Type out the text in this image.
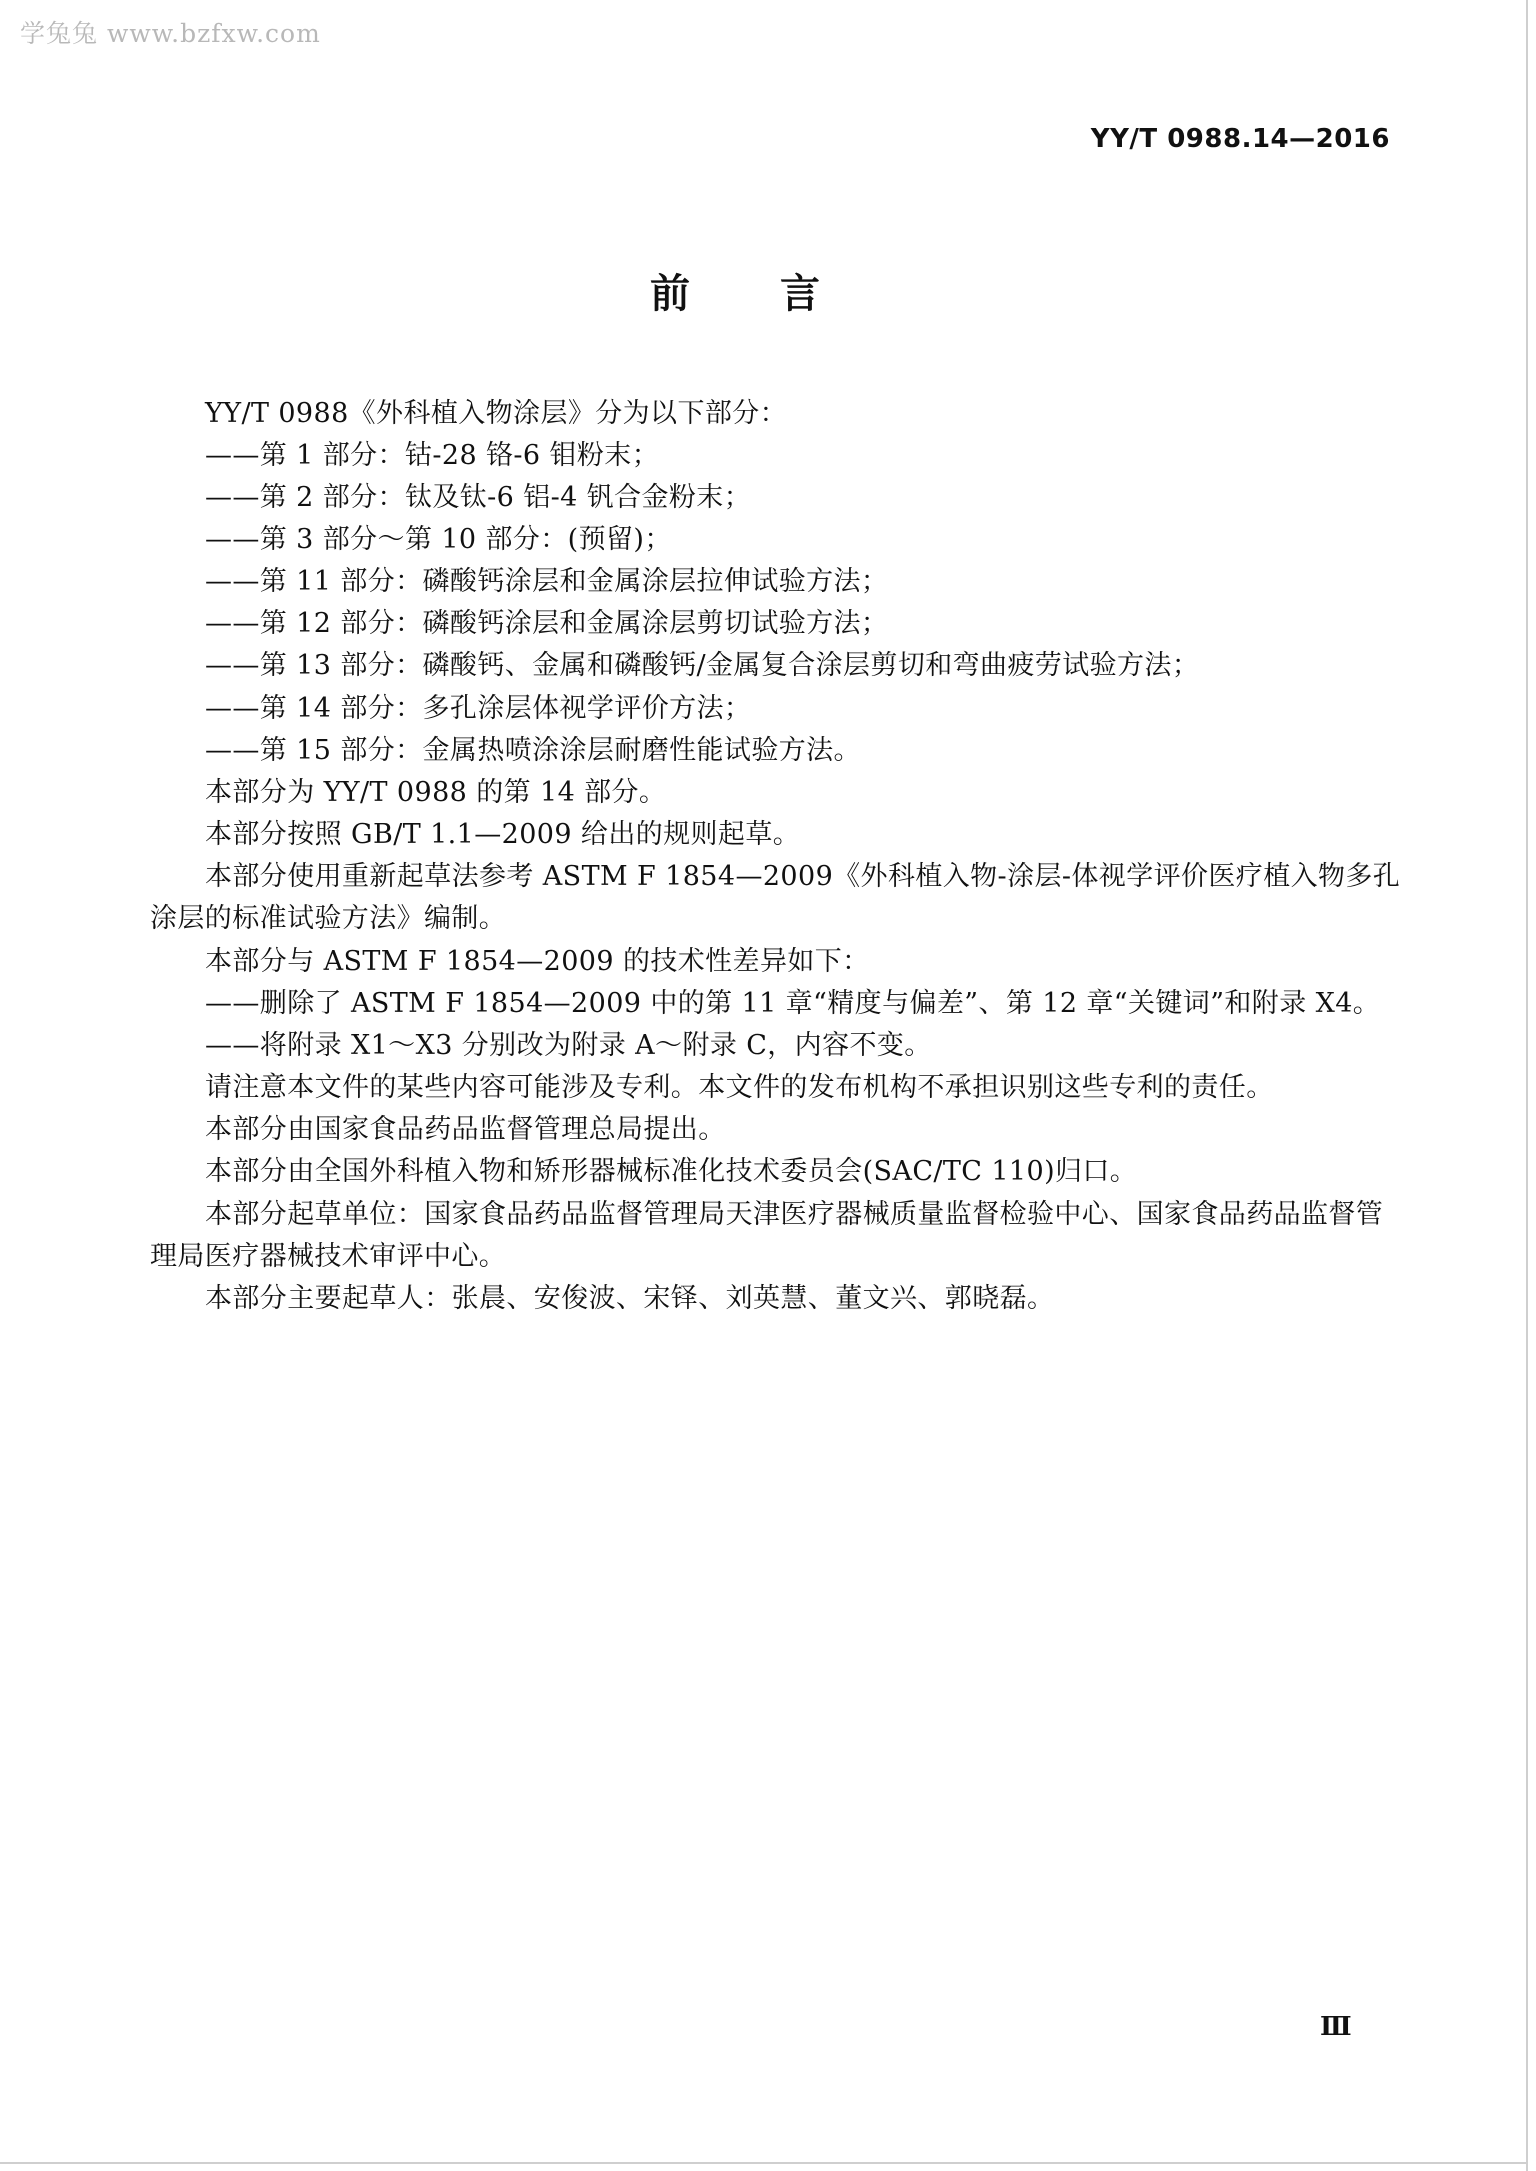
学兔兔 www.bzfxw.com
YY/T 0988.14—2016
前言
YY/T 0988《外科植入物涂层》分为以下部分：
——第 1 部分：钴-28 铬-6 钼粉末；
——第 2 部分：钛及钛-6 铝-4 钒合金粉末；
——第 3 部分～第 10 部分：(预留)；
——第 11 部分：磷酸钙涂层和金属涂层拉伸试验方法；
——第 12 部分：磷酸钙涂层和金属涂层剪切试验方法；
——第 13 部分：磷酸钙、金属和磷酸钙/金属复合涂层剪切和弯曲疲劳试验方法；
——第 14 部分：多孔涂层体视学评价方法；
——第 15 部分：金属热喷涂涂层耐磨性能试验方法。
本部分为 YY/T 0988 的第 14 部分。
本部分按照 GB/T 1.1—2009 给出的规则起草。
本部分使用重新起草法参考 ASTM F 1854—2009《外科植入物-涂层-体视学评价医疗植入物多孔
涂层的标准试验方法》编制。
本部分与 ASTM F 1854—2009 的技术性差异如下：
——删除了 ASTM F 1854—2009 中的第 11 章“精度与偏差”、第 12 章“关键词”和附录 X4。
——将附录 X1～X3 分别改为附录 A～附录 C，内容不变。
请注意本文件的某些内容可能涉及专利。本文件的发布机构不承担识别这些专利的责任。
本部分由国家食品药品监督管理总局提出。
本部分由全国外科植入物和矫形器械标准化技术委员会(SAC/TC 110)归口。
本部分起草单位：国家食品药品监督管理局天津医疗器械质量监督检验中心、国家食品药品监督管
理局医疗器械技术审评中心。
本部分主要起草人：张晨、安俊波、宋铎、刘英慧、董文兴、郭晓磊。
Ⅲ
